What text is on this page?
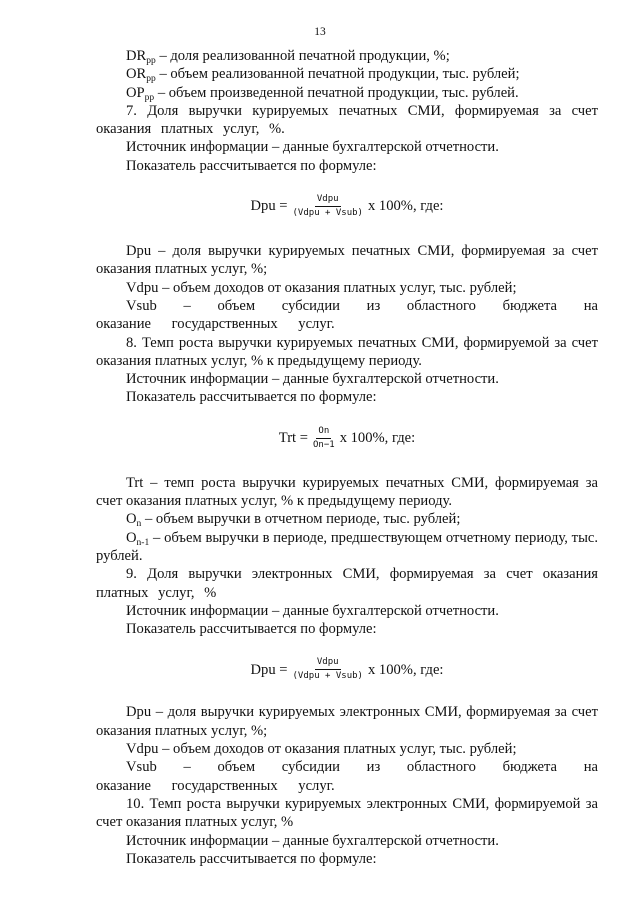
13

$DR_{pp}$ – доля реализованной печатной продукции, %;

$OR_{pp}$ – объем реализованной печатной продукции, тыс. рублей;

$OP_{pp}$ – объем произведенной печатной продукции, тыс. рублей.

7. Доля выручки курируемых печатных СМИ, формируемая за счет оказания платных услуг, %.

Источник информации – данные бухгалтерской отчетности.

Показатель рассчитывается по формуле:

Dpu = $\frac{\text{Vdpu}}{\text{(Vdpu + Vsub)}}$ х 100%, где:

Dpu – доля выручки курируемых печатных СМИ, формируемая за счет оказания платных услуг, %;

Vdpu – объем доходов от оказания платных услуг, тыс. рублей;

Vsub – объем субсидии из областного бюджета на оказание государственных услуг.

8. Темп роста выручки курируемых печатных СМИ, формируемой за счет оказания платных услуг, % к предыдущему периоду.

Источник информации – данные бухгалтерской отчетности.

Показатель рассчитывается по формуле:

Trt = $\frac{On}{On-1}$ х 100%, где:

Trt – темп роста выручки курируемых печатных СМИ, формируемая за счет оказания платных услуг, % к предыдущему периоду.

$O_n$ – объем выручки в отчетном периоде, тыс. рублей;

$O_{n-1}$ – объем выручки в периоде, предшествующем отчетному периоду, тыс. рублей.

9. Доля выручки электронных СМИ, формируемая за счет оказания платных услуг, %

Источник информации – данные бухгалтерской отчетности.

Показатель рассчитывается по формуле:

Dpu = $\frac{\text{Vdpu}}{\text{(Vdpu + Vsub)}}$ х 100%, где:

Dpu – доля выручки курируемых электронных СМИ, формируемая за счет оказания платных услуг, %;

Vdpu – объем доходов от оказания платных услуг, тыс. рублей;

Vsub – объем субсидии из областного бюджета на оказание государственных услуг.

10. Темп роста выручки курируемых электронных СМИ, формируемой за счет оказания платных услуг, %

Источник информации – данные бухгалтерской отчетности.

Показатель рассчитывается по формуле:
